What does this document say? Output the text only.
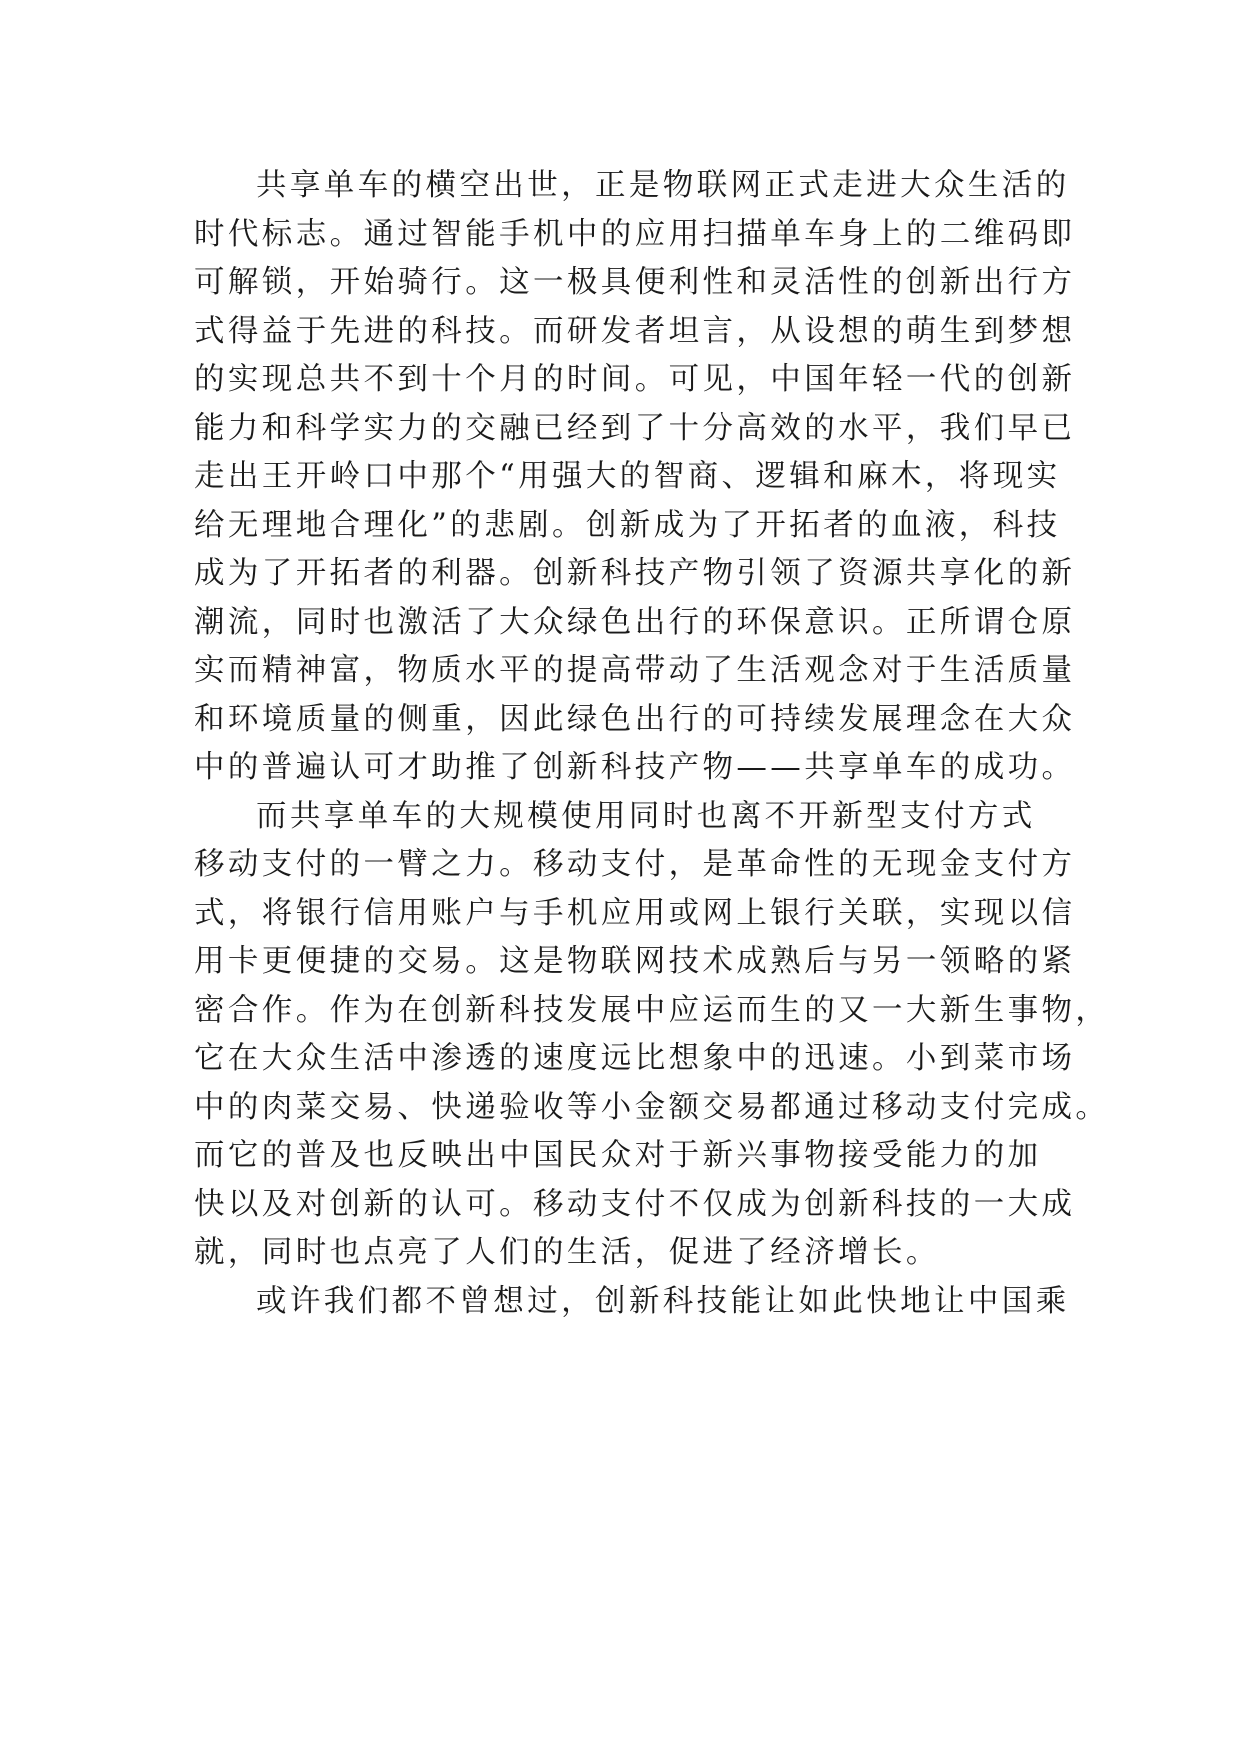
共享单车的横空出世，正是物联网正式走进大众生活的
时代标志。通过智能手机中的应用扫描单车身上的二维码即
可解锁，开始骑行。这一极具便利性和灵活性的创新出行方
式得益于先进的科技。而研发者坦言，从设想的萌生到梦想
的实现总共不到十个月的时间。可见，中国年轻一代的创新
能力和科学实力的交融已经到了十分高效的水平，我们早已
走出王开岭口中那个“用强大的智商、逻辑和麻木，将现实
给无理地合理化”的悲剧。创新成为了开拓者的血液，科技
成为了开拓者的利器。创新科技产物引领了资源共享化的新
潮流，同时也激活了大众绿色出行的环保意识。正所谓仓原
实而精神富，物质水平的提高带动了生活观念对于生活质量
和环境质量的侧重，因此绿色出行的可持续发展理念在大众
中的普遍认可才助推了创新科技产物——共享单车的成功。
而共享单车的大规模使用同时也离不开新型支付方式
移动支付的一臂之力。移动支付，是革命性的无现金支付方
式，将银行信用账户与手机应用或网上银行关联，实现以信
用卡更便捷的交易。这是物联网技术成熟后与另一领略的紧
密合作。作为在创新科技发展中应运而生的又一大新生事物，
它在大众生活中渗透的速度远比想象中的迅速。小到菜市场
中的肉菜交易、快递验收等小金额交易都通过移动支付完成。
而它的普及也反映出中国民众对于新兴事物接受能力的加
快以及对创新的认可。移动支付不仅成为创新科技的一大成
就，同时也点亮了人们的生活，促进了经济增长。
或许我们都不曾想过，创新科技能让如此快地让中国乘
